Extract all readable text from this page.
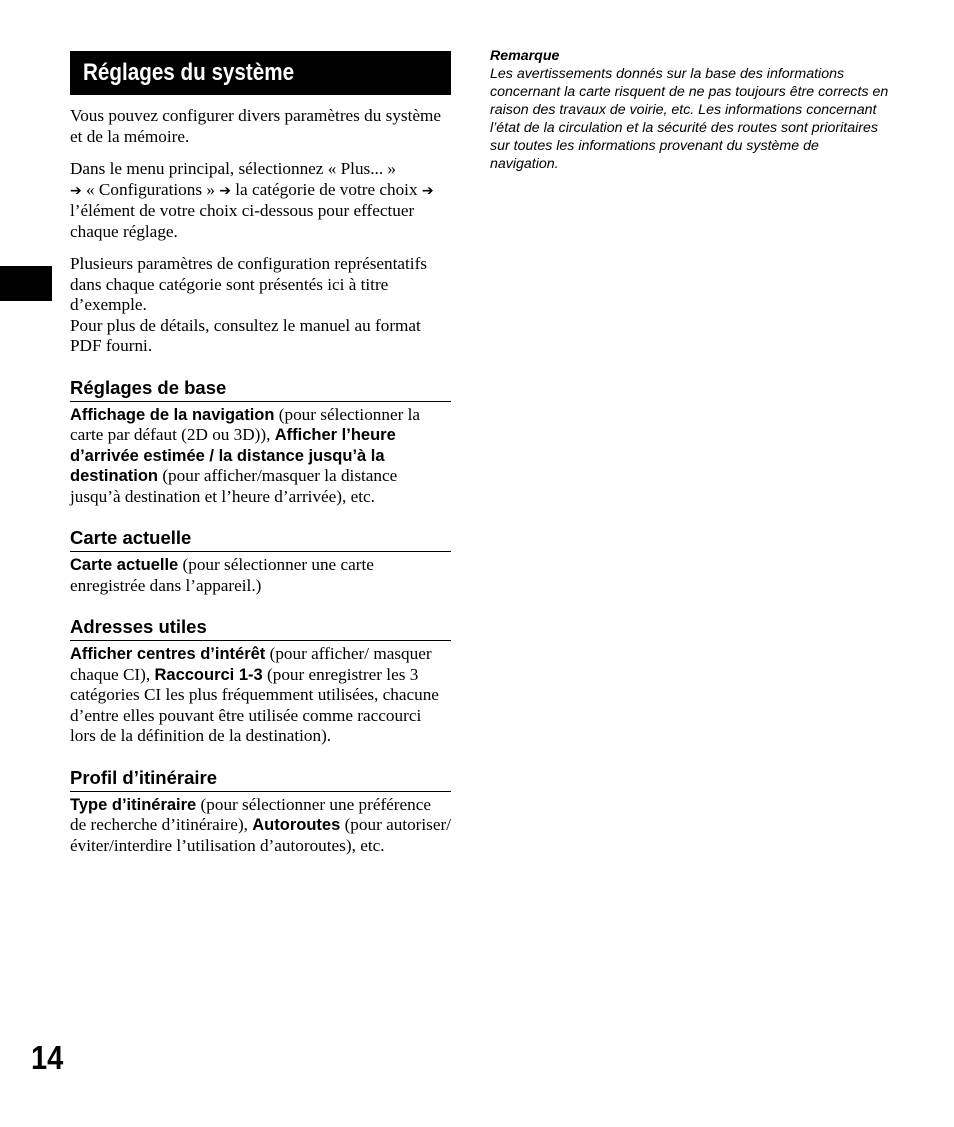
Réglages du système

Vous pouvez configurer divers paramètres du système et de la mémoire.

Dans le menu principal, sélectionnez « Plus... »
➔ « Configurations » ➔ la catégorie de votre choix ➔ l’élément de votre choix ci-dessous pour effectuer chaque réglage.

Plusieurs paramètres de configuration représentatifs dans chaque catégorie sont présentés ici à titre d’exemple.
Pour plus de détails, consultez le manuel au format PDF fourni.

Réglages de base

Affichage de la navigation (pour sélectionner la carte par défaut (2D ou 3D)), Afficher l’heure d’arrivée estimée / la distance jusqu’à la destination (pour afficher/masquer la distance jusqu’à destination et l’heure d’arrivée), etc.

Carte actuelle

Carte actuelle (pour sélectionner une carte enregistrée dans l’appareil.)

Adresses utiles

Afficher centres d’intérêt (pour afficher/ masquer chaque CI), Raccourci 1-3 (pour enregistrer les 3 catégories CI les plus fréquemment utilisées, chacune d’entre elles pouvant être utilisée comme raccourci lors de la définition de la destination).

Profil d’itinéraire

Type d’itinéraire (pour sélectionner une préférence de recherche d’itinéraire), Autoroutes (pour autoriser/éviter/interdire l’utilisation d’autoroutes), etc.

Remarque

Les avertissements donnés sur la base des informations concernant la carte risquent de ne pas toujours être corrects en raison des travaux de voirie, etc. Les informations concernant l’état de la circulation et la sécurité des routes sont prioritaires sur toutes les informations provenant du système de navigation.

14
